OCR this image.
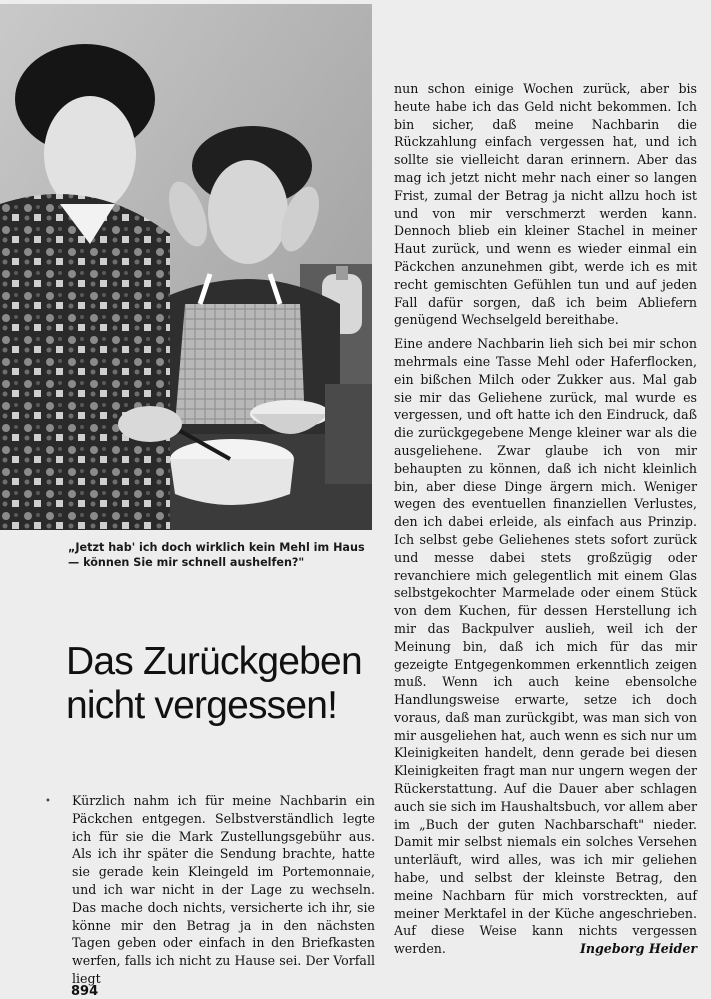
„Jetzt hab' ich doch wirklich kein Mehl im Haus — können Sie mir schnell aushelfen?"
Das Zurückgeben
nicht vergessen!
• Kürzlich nahm ich für meine Nachbarin ein Päckchen entgegen. Selbstverständlich legte ich für sie die Mark Zustellungsgebühr aus. Als ich ihr später die Sendung brachte, hatte sie gerade kein Kleingeld im Portemonnaie, und ich war nicht in der Lage zu wechseln. Das mache doch nichts, versicherte ich ihr, sie könne mir den Betrag ja in den nächsten Tagen geben oder einfach in den Briefkasten werfen, falls ich nicht zu Hause sei. Der Vorfall liegt

nun schon einige Wochen zurück, aber bis heute habe ich das Geld nicht bekommen. Ich bin sicher, daß meine Nachbarin die Rückzahlung einfach vergessen hat, und ich sollte sie vielleicht daran erinnern. Aber das mag ich jetzt nicht mehr nach einer so langen Frist, zumal der Betrag ja nicht allzu hoch ist und von mir verschmerzt werden kann. Dennoch blieb ein kleiner Stachel in meiner Haut zurück, und wenn es wieder einmal ein Päckchen anzunehmen gibt, werde ich es mit recht gemischten Gefühlen tun und auf jeden Fall dafür sorgen, daß ich beim Abliefern genügend Wechselgeld bereithabe.

Eine andere Nachbarin lieh sich bei mir schon mehrmals eine Tasse Mehl oder Haferflocken, ein bißchen Milch oder Zukker aus. Mal gab sie mir das Geliehene zurück, mal wurde es vergessen, und oft hatte ich den Eindruck, daß die zurückgegebene Menge kleiner war als die ausgeliehene. Zwar glaube ich von mir behaupten zu können, daß ich nicht kleinlich bin, aber diese Dinge ärgern mich. Weniger wegen des eventuellen finanziellen Verlustes, den ich dabei erleide, als einfach aus Prinzip. Ich selbst gebe Geliehenes stets sofort zurück und messe dabei stets großzügig oder revanchiere mich gelegentlich mit einem Glas selbstgekochter Marmelade oder einem Stück von dem Kuchen, für dessen Herstellung ich mir das Backpulver auslieh, weil ich der Meinung bin, daß ich mich für das mir gezeigte Entgegenkommen erkenntlich zeigen muß. Wenn ich auch keine ebensolche Handlungsweise erwarte, setze ich doch voraus, daß man zurückgibt, was man sich von mir ausgeliehen hat, auch wenn es sich nur um Kleinigkeiten handelt, denn gerade bei diesen Kleinigkeiten fragt man nur ungern wegen der Rückerstattung. Auf die Dauer aber schlagen auch sie sich im Haushaltsbuch, vor allem aber im „Buch der guten Nachbarschaft" nieder. Damit mir selbst niemals ein solches Versehen unterläuft, wird alles, was ich mir geliehen habe, und selbst der kleinste Betrag, den meine Nachbarn für mich vorstreckten, auf meiner Merktafel in der Küche angeschrieben. Auf diese Weise kann nichts vergessen werden.	Ingeborg Heider

894
